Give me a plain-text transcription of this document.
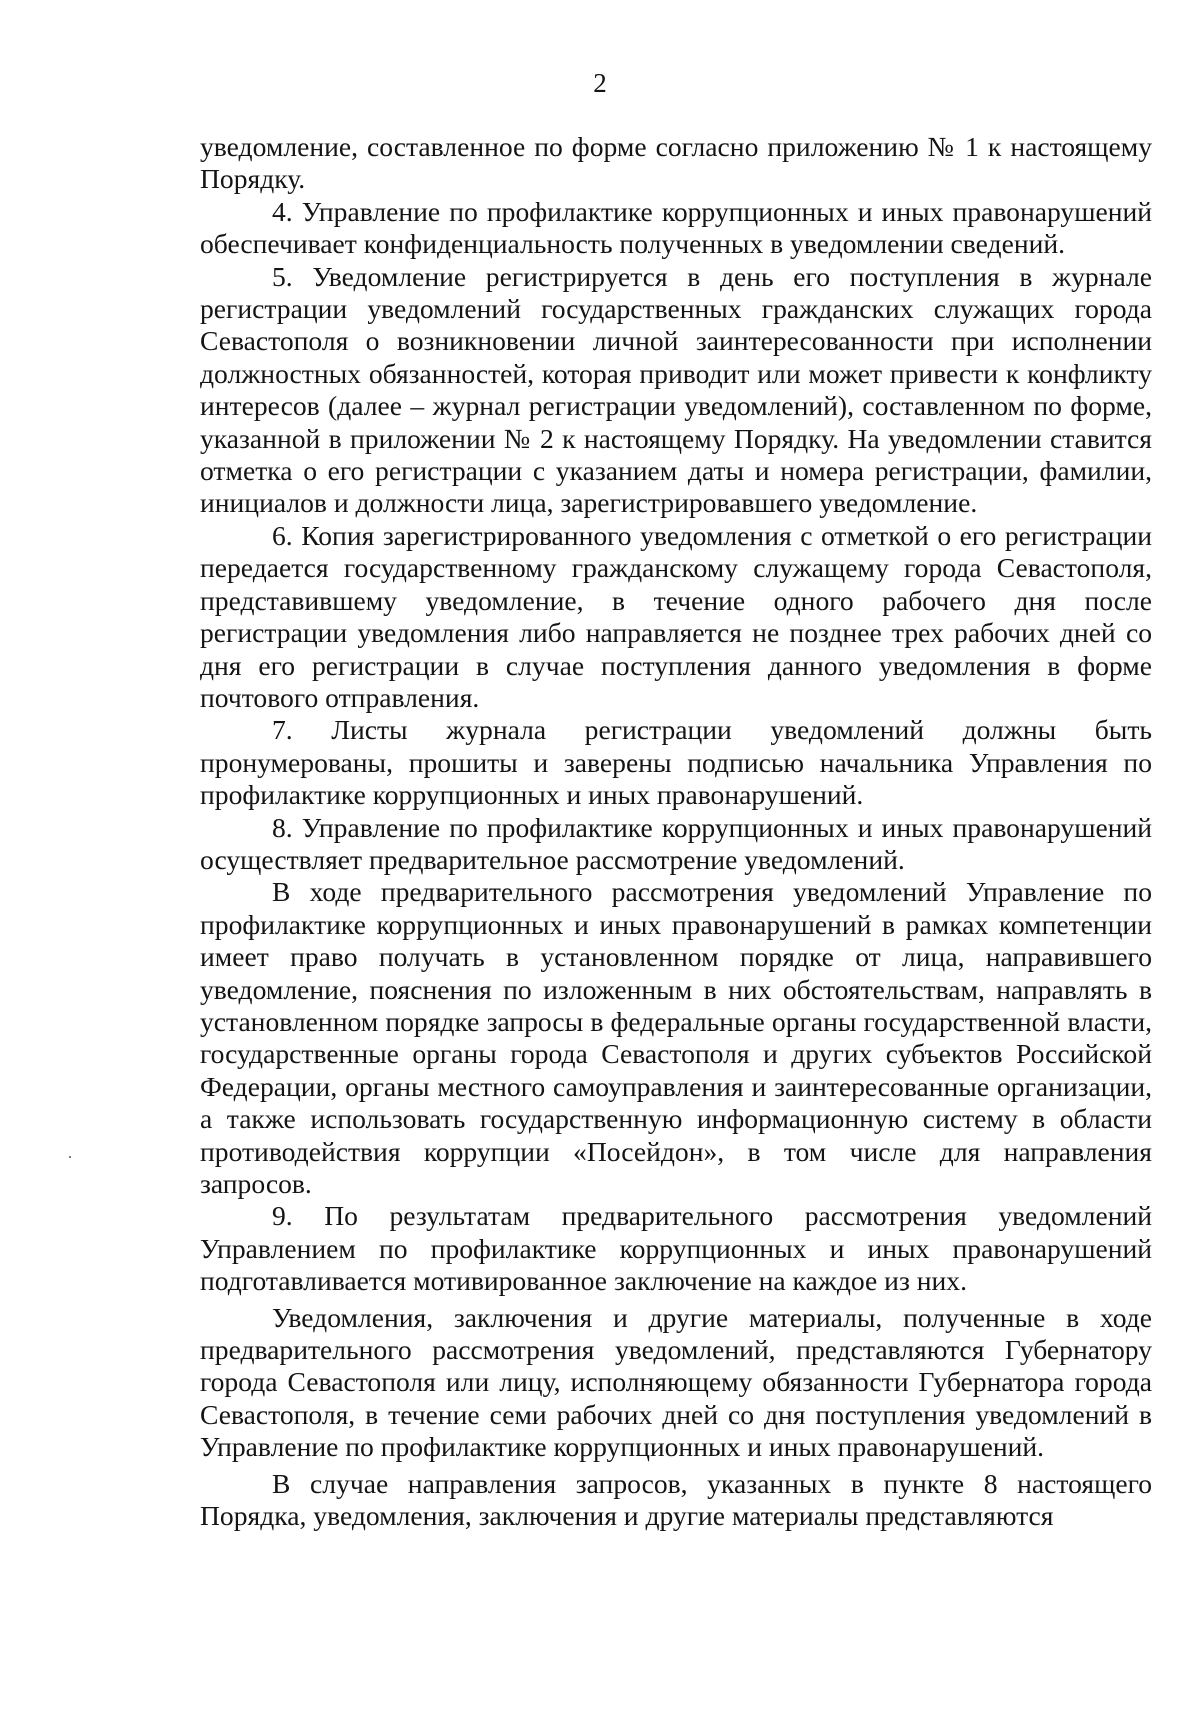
2

уведомление, составленное по форме согласно приложению № 1 к настоящему Порядку.

4. Управление по профилактике коррупционных и иных правонарушений обеспечивает конфиденциальность полученных в уведомлении сведений.

5. Уведомление регистрируется в день его поступления в журнале регистрации уведомлений государственных гражданских служащих города Севастополя о возникновении личной заинтересованности при исполнении должностных обязанностей, которая приводит или может привести к конфликту интересов (далее – журнал регистрации уведомлений), составленном по форме, указанной в приложении № 2 к настоящему Порядку. На уведомлении ставится отметка о его регистрации с указанием даты и номера регистрации, фамилии, инициалов и должности лица, зарегистрировавшего уведомление.

6. Копия зарегистрированного уведомления с отметкой о его регистрации передается государственному гражданскому служащему города Севастополя, представившему уведомление, в течение одного рабочего дня после регистрации уведомления либо направляется не позднее трех рабочих дней со дня его регистрации в случае поступления данного уведомления в форме почтового отправления.

7. Листы журнала регистрации уведомлений должны быть пронумерованы, прошиты и заверены подписью начальника Управления по профилактике коррупционных и иных правонарушений.

8. Управление по профилактике коррупционных и иных правонарушений осуществляет предварительное рассмотрение уведомлений.

В ходе предварительного рассмотрения уведомлений Управление по профилактике коррупционных и иных правонарушений в рамках компетенции имеет право получать в установленном порядке от лица, направившего уведомление, пояснения по изложенным в них обстоятельствам, направлять в установленном порядке запросы в федеральные органы государственной власти, государственные органы города Севастополя и других субъектов Российской Федерации, органы местного самоуправления и заинтересованные организации, а также использовать государственную информационную систему в области противодействия коррупции «Посейдон», в том числе для направления запросов.

9. По результатам предварительного рассмотрения уведомлений Управлением по профилактике коррупционных и иных правонарушений подготавливается мотивированное заключение на каждое из них.

Уведомления, заключения и другие материалы, полученные в ходе предварительного рассмотрения уведомлений, представляются Губернатору города Севастополя или лицу, исполняющему обязанности Губернатора города Севастополя, в течение семи рабочих дней со дня поступления уведомлений в Управление по профилактике коррупционных и иных правонарушений.

В случае направления запросов, указанных в пункте 8 настоящего Порядка, уведомления, заключения и другие материалы представляются
